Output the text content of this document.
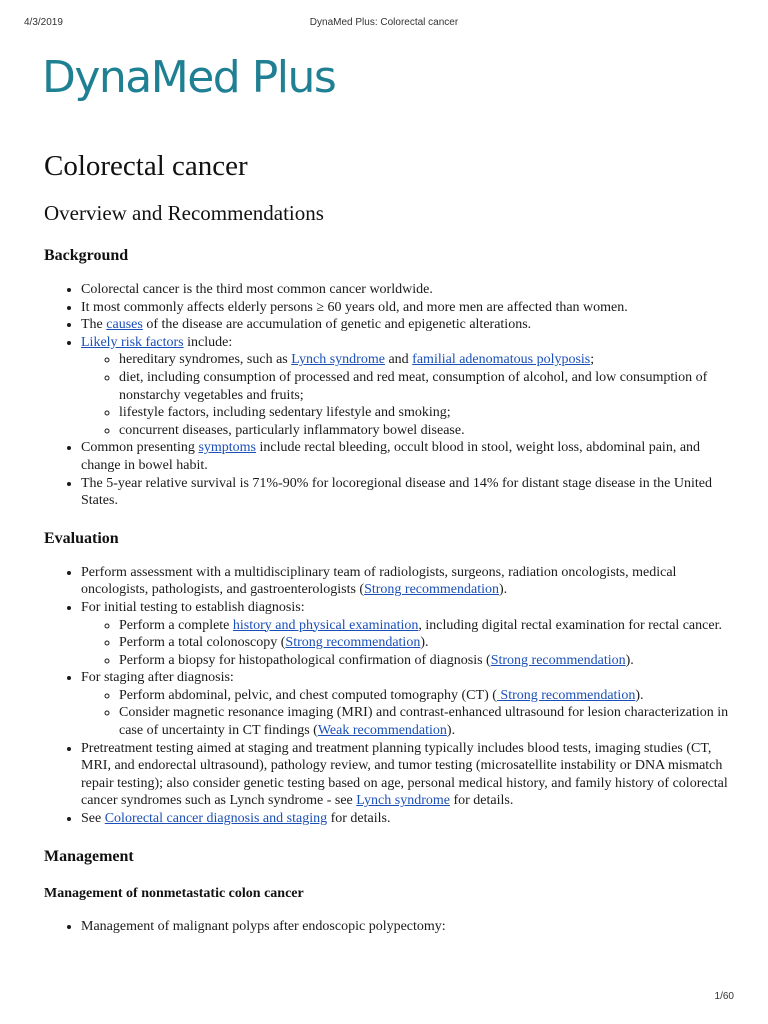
4/3/2019	DynaMed Plus: Colorectal cancer
DynaMed Plus
Colorectal cancer
Overview and Recommendations
Background
• Colorectal cancer is the third most common cancer worldwide.
• It most commonly affects elderly persons ≥ 60 years old, and more men are affected than women.
• The causes of the disease are accumulation of genetic and epigenetic alterations.
• Likely risk factors include:
◦ hereditary syndromes, such as Lynch syndrome and familial adenomatous polyposis;
◦ diet, including consumption of processed and red meat, consumption of alcohol, and low consumption of nonstarchy vegetables and fruits;
◦ lifestyle factors, including sedentary lifestyle and smoking;
◦ concurrent diseases, particularly inflammatory bowel disease.
• Common presenting symptoms include rectal bleeding, occult blood in stool, weight loss, abdominal pain, and change in bowel habit.
• The 5-year relative survival is 71%-90% for locoregional disease and 14% for distant stage disease in the United States.
Evaluation
• Perform assessment with a multidisciplinary team of radiologists, surgeons, radiation oncologists, medical oncologists, pathologists, and gastroenterologists (Strong recommendation).
• For initial testing to establish diagnosis:
◦ Perform a complete history and physical examination, including digital rectal examination for rectal cancer.
◦ Perform a total colonoscopy (Strong recommendation).
◦ Perform a biopsy for histopathological confirmation of diagnosis (Strong recommendation).
• For staging after diagnosis:
◦ Perform abdominal, pelvic, and chest computed tomography (CT) ( Strong recommendation).
◦ Consider magnetic resonance imaging (MRI) and contrast-enhanced ultrasound for lesion characterization in case of uncertainty in CT findings (Weak recommendation).
• Pretreatment testing aimed at staging and treatment planning typically includes blood tests, imaging studies (CT, MRI, and endorectal ultrasound), pathology review, and tumor testing (microsatellite instability or DNA mismatch repair testing); also consider genetic testing based on age, personal medical history, and family history of colorectal cancer syndromes such as Lynch syndrome - see Lynch syndrome for details.
• See Colorectal cancer diagnosis and staging for details.
Management
Management of nonmetastatic colon cancer
• Management of malignant polyps after endoscopic polypectomy:
1/60
